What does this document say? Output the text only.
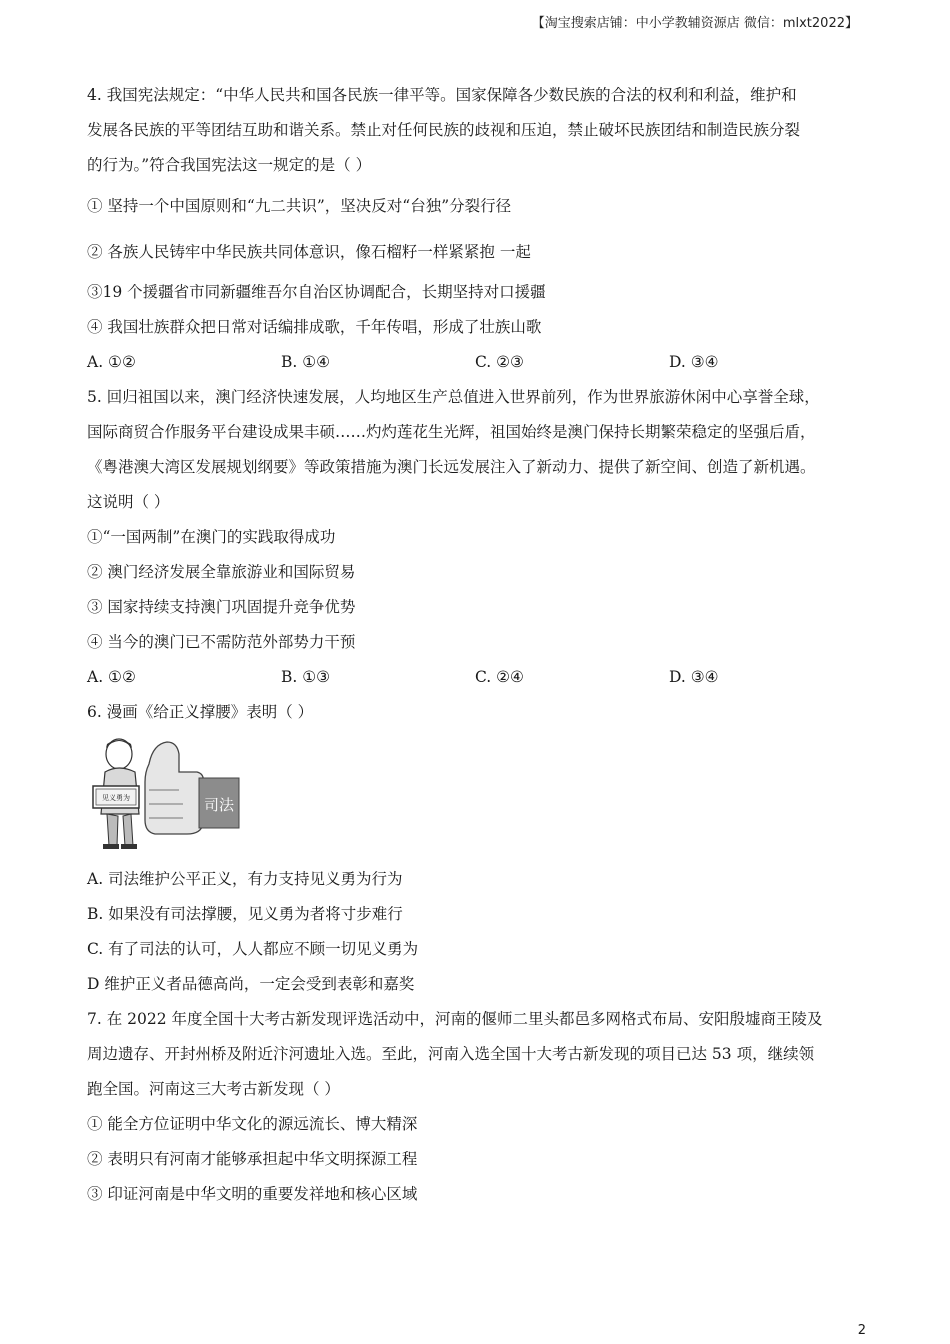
【淘宝搜索店铺：中小学教辅资源店 微信：mlxt2022】
4. 我国宪法规定：“中华人民共和国各民族一律平等。国家保障各少数民族的合法的权利和利益，维护和
发展各民族的平等团结互助和谐关系。禁止对任何民族的歧视和压迫，禁止破坏民族团结和制造民族分裂
的行为。”符合我国宪法这一规定的是（ ）
① 坚持一个中国原则和“九二共识”，坚决反对“台独”分裂行径
② 各族人民铸牢中华民族共同体意识，像石榴籽一样紧紧抱 一起
③19 个援疆省市同新疆维吾尔自治区协调配合，长期坚持对口援疆
④ 我国壮族群众把日常对话编排成歌，千年传唱，形成了壮族山歌
A. ①②	B. ①④	C. ②③	D. ③④
5. 回归祖国以来，澳门经济快速发展，人均地区生产总值进入世界前列，作为世界旅游休闲中心享誉全球，
国际商贸合作服务平台建设成果丰硕……灼灼莲花生光辉，祖国始终是澳门保持长期繁荣稳定的坚强后盾，
《粤港澳大湾区发展规划纲要》等政策措施为澳门长远发展注入了新动力、提供了新空间、创造了新机遇。
这说明（ ）
①“一国两制”在澳门的实践取得成功
② 澳门经济发展全靠旅游业和国际贸易
③ 国家持续支持澳门巩固提升竞争优势
④ 当今的澳门已不需防范外部势力干预
A. ①②	B. ①③	C. ②④	D. ③④
6. 漫画《给正义撑腰》表明（ ）
见义勇为	司法
A. 司法维护公平正义，有力支持见义勇为行为
B. 如果没有司法撑腰，见义勇为者将寸步难行
C. 有了司法的认可，人人都应不顾一切见义勇为
D 维护正义者品德高尚，一定会受到表彰和嘉奖
7. 在 2022 年度全国十大考古新发现评选活动中，河南的偃师二里头都邑多网格式布局、安阳殷墟商王陵及
周边遗存、开封州桥及附近汴河遗址入选。至此，河南入选全国十大考古新发现的项目已达 53 项，继续领
跑全国。河南这三大考古新发现（ ）
① 能全方位证明中华文化的源远流长、博大精深
② 表明只有河南才能够承担起中华文明探源工程
③ 印证河南是中华文明的重要发祥地和核心区域
2
